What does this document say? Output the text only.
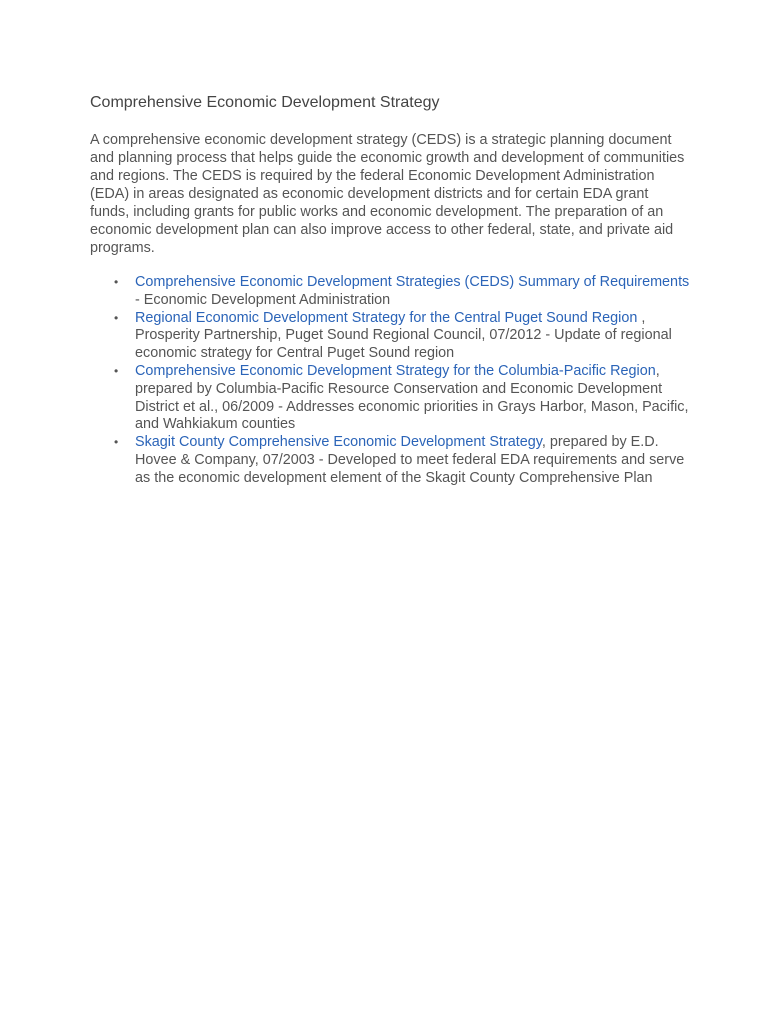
Comprehensive Economic Development Strategy

A comprehensive economic development strategy (CEDS) is a strategic planning document and planning process that helps guide the economic growth and development of communities and regions. The CEDS is required by the federal Economic Development Administration (EDA) in areas designated as economic development districts and for certain EDA grant funds, including grants for public works and economic development. The preparation of an economic development plan can also improve access to other federal, state, and private aid programs.

• Comprehensive Economic Development Strategies (CEDS) Summary of Requirements - Economic Development Administration
• Regional Economic Development Strategy for the Central Puget Sound Region , Prosperity Partnership, Puget Sound Regional Council, 07/2012 - Update of regional economic strategy for Central Puget Sound region
• Comprehensive Economic Development Strategy for the Columbia-Pacific Region, prepared by Columbia-Pacific Resource Conservation and Economic Development District et al., 06/2009 - Addresses economic priorities in Grays Harbor, Mason, Pacific, and Wahkiakum counties
• Skagit County Comprehensive Economic Development Strategy, prepared by E.D. Hovee & Company, 07/2003 - Developed to meet federal EDA requirements and serve as the economic development element of the Skagit County Comprehensive Plan
